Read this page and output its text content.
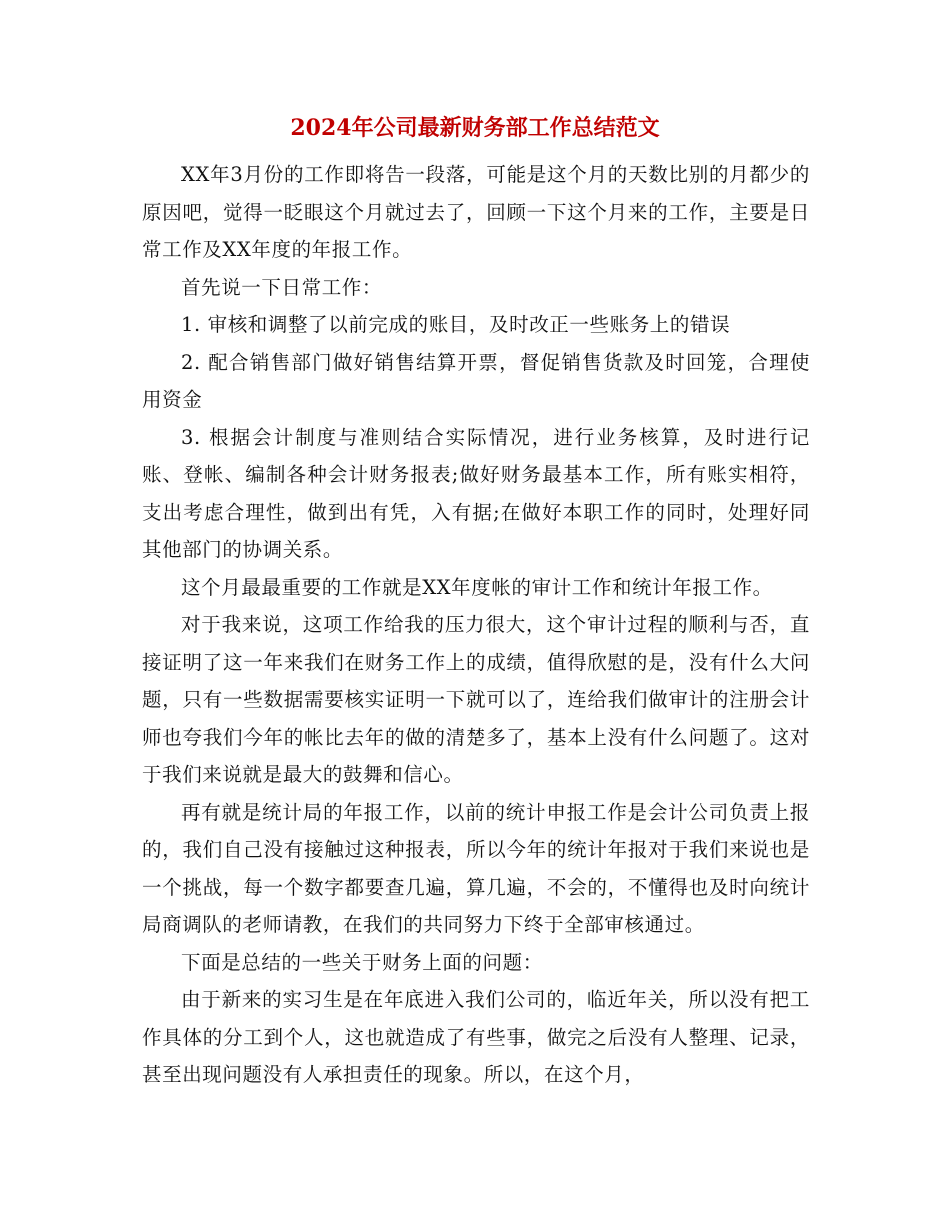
2024年公司最新财务部工作总结范文

XX年3月份的工作即将告一段落，可能是这个月的天数比别的月都少的原因吧，觉得一眨眼这个月就过去了，回顾一下这个月来的工作，主要是日常工作及XX年度的年报工作。

首先说一下日常工作：

1. 审核和调整了以前完成的账目，及时改正一些账务上的错误

2. 配合销售部门做好销售结算开票，督促销售货款及时回笼，合理使用资金

3. 根据会计制度与准则结合实际情况，进行业务核算，及时进行记账、登帐、编制各种会计财务报表;做好财务最基本工作，所有账实相符，支出考虑合理性，做到出有凭，入有据;在做好本职工作的同时，处理好同其他部门的协调关系。

这个月最最重要的工作就是XX年度帐的审计工作和统计年报工作。

对于我来说，这项工作给我的压力很大，这个审计过程的顺利与否，直接证明了这一年来我们在财务工作上的成绩，值得欣慰的是，没有什么大问题，只有一些数据需要核实证明一下就可以了，连给我们做审计的注册会计师也夸我们今年的帐比去年的做的清楚多了，基本上没有什么问题了。这对于我们来说就是最大的鼓舞和信心。

再有就是统计局的年报工作，以前的统计申报工作是会计公司负责上报的，我们自己没有接触过这种报表，所以今年的统计年报对于我们来说也是一个挑战，每一个数字都要查几遍，算几遍，不会的，不懂得也及时向统计局商调队的老师请教，在我们的共同努力下终于全部审核通过。

下面是总结的一些关于财务上面的问题：

由于新来的实习生是在年底进入我们公司的，临近年关，所以没有把工作具体的分工到个人，这也就造成了有些事，做完之后没有人整理、记录，甚至出现问题没有人承担责任的现象。所以，在这个月，
